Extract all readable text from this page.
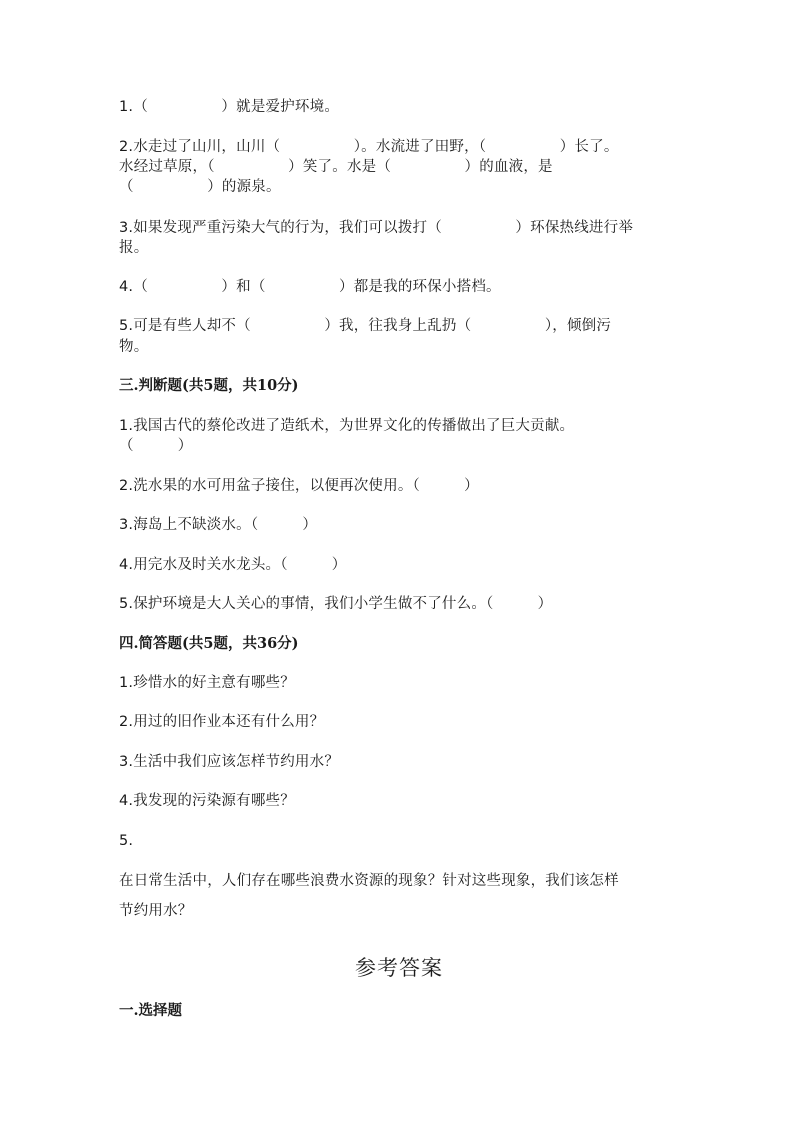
1.（　　　　　）就是爱护环境。
2.水走过了山川，山川（　　　　　）。水流进了田野，（　　　　　）长了。
水经过草原，（　　　　　）笑了。水是（　　　　　）的血液，是
（　　　　　）的源泉。
3.如果发现严重污染大气的行为，我们可以拨打（　　　　　）环保热线进行举
报。
4.（　　　　　）和（　　　　　）都是我的环保小搭档。
5.可是有些人却不（　　　　　）我，往我身上乱扔（　　　　　），倾倒污
物。
三.判断题(共5题，共10分)
1.我国古代的蔡伦改进了造纸术，为世界文化的传播做出了巨大贡献。
（　　　）
2.洗水果的水可用盆子接住，以便再次使用。（　　　）
3.海岛上不缺淡水。（　　　）
4.用完水及时关水龙头。（　　　）
5.保护环境是大人关心的事情，我们小学生做不了什么。（　　　）
四.简答题(共5题，共36分)
1.珍惜水的好主意有哪些？
2.用过的旧作业本还有什么用？
3.生活中我们应该怎样节约用水？
4.我发现的污染源有哪些？
5.
在日常生活中，人们存在哪些浪费水资源的现象？针对这些现象，我们该怎样
节约用水？
参考答案
一.选择题
